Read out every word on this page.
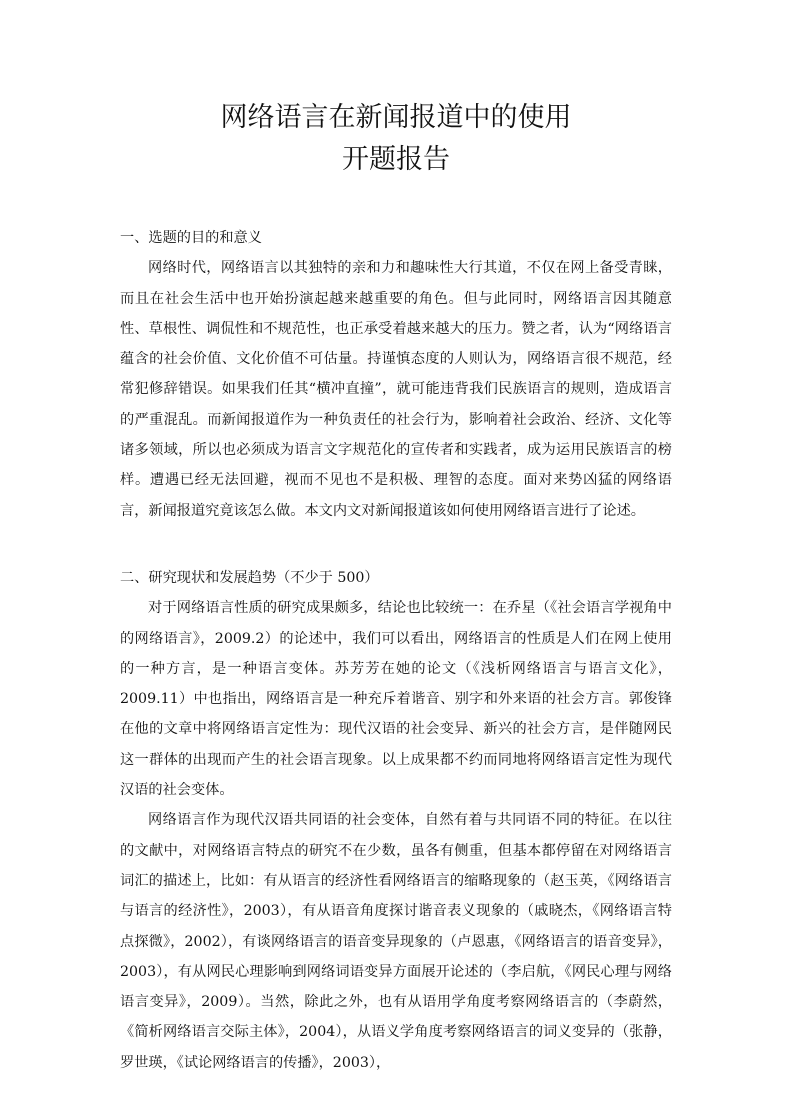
网络语言在新闻报道中的使用
开题报告

一、选题的目的和意义

网络时代，网络语言以其独特的亲和力和趣味性大行其道，不仅在网上备受青睐，而且在社会生活中也开始扮演起越来越重要的角色。但与此同时，网络语言因其随意性、草根性、调侃性和不规范性，也正承受着越来越大的压力。赞之者，认为“网络语言蕴含的社会价值、文化价值不可估量。持谨慎态度的人则认为，网络语言很不规范，经常犯修辞错误。如果我们任其“横冲直撞”，就可能违背我们民族语言的规则，造成语言的严重混乱。而新闻报道作为一种负责任的社会行为，影响着社会政治、经济、文化等诸多领域，所以也必须成为语言文字规范化的宣传者和实践者，成为运用民族语言的榜样。遭遇已经无法回避，视而不见也不是积极、理智的态度。面对来势凶猛的网络语言，新闻报道究竟该怎么做。本文内文对新闻报道该如何使用网络语言进行了论述。

二、研究现状和发展趋势（不少于 500）

对于网络语言性质的研究成果颇多，结论也比较统一：在乔星（《社会语言学视角中的网络语言》，2009.2）的论述中，我们可以看出，网络语言的性质是人们在网上使用的一种方言，是一种语言变体。苏芳芳在她的论文（《浅析网络语言与语言文化》，2009.11）中也指出，网络语言是一种充斥着谐音、别字和外来语的社会方言。郭俊锋在他的文章中将网络语言定性为：现代汉语的社会变异、新兴的社会方言，是伴随网民这一群体的出现而产生的社会语言现象。以上成果都不约而同地将网络语言定性为现代汉语的社会变体。

网络语言作为现代汉语共同语的社会变体，自然有着与共同语不同的特征。在以往的文献中，对网络语言特点的研究不在少数，虽各有侧重，但基本都停留在对网络语言词汇的描述上，比如：有从语言的经济性看网络语言的缩略现象的（赵玉英，《网络语言与语言的经济性》，2003），有从语音角度探讨谐音表义现象的（戚晓杰，《网络语言特点探微》，2002），有谈网络语言的语音变异现象的（卢恩惠，《网络语言的语音变异》，2003），有从网民心理影响到网络词语变异方面展开论述的（李启航，《网民心理与网络语言变异》，2009）。当然，除此之外，也有从语用学角度考察网络语言的（李蔚然，《简析网络语言交际主体》，2004），从语义学角度考察网络语言的词义变异的（张静，罗世瑛，《试论网络语言的传播》，2003），
